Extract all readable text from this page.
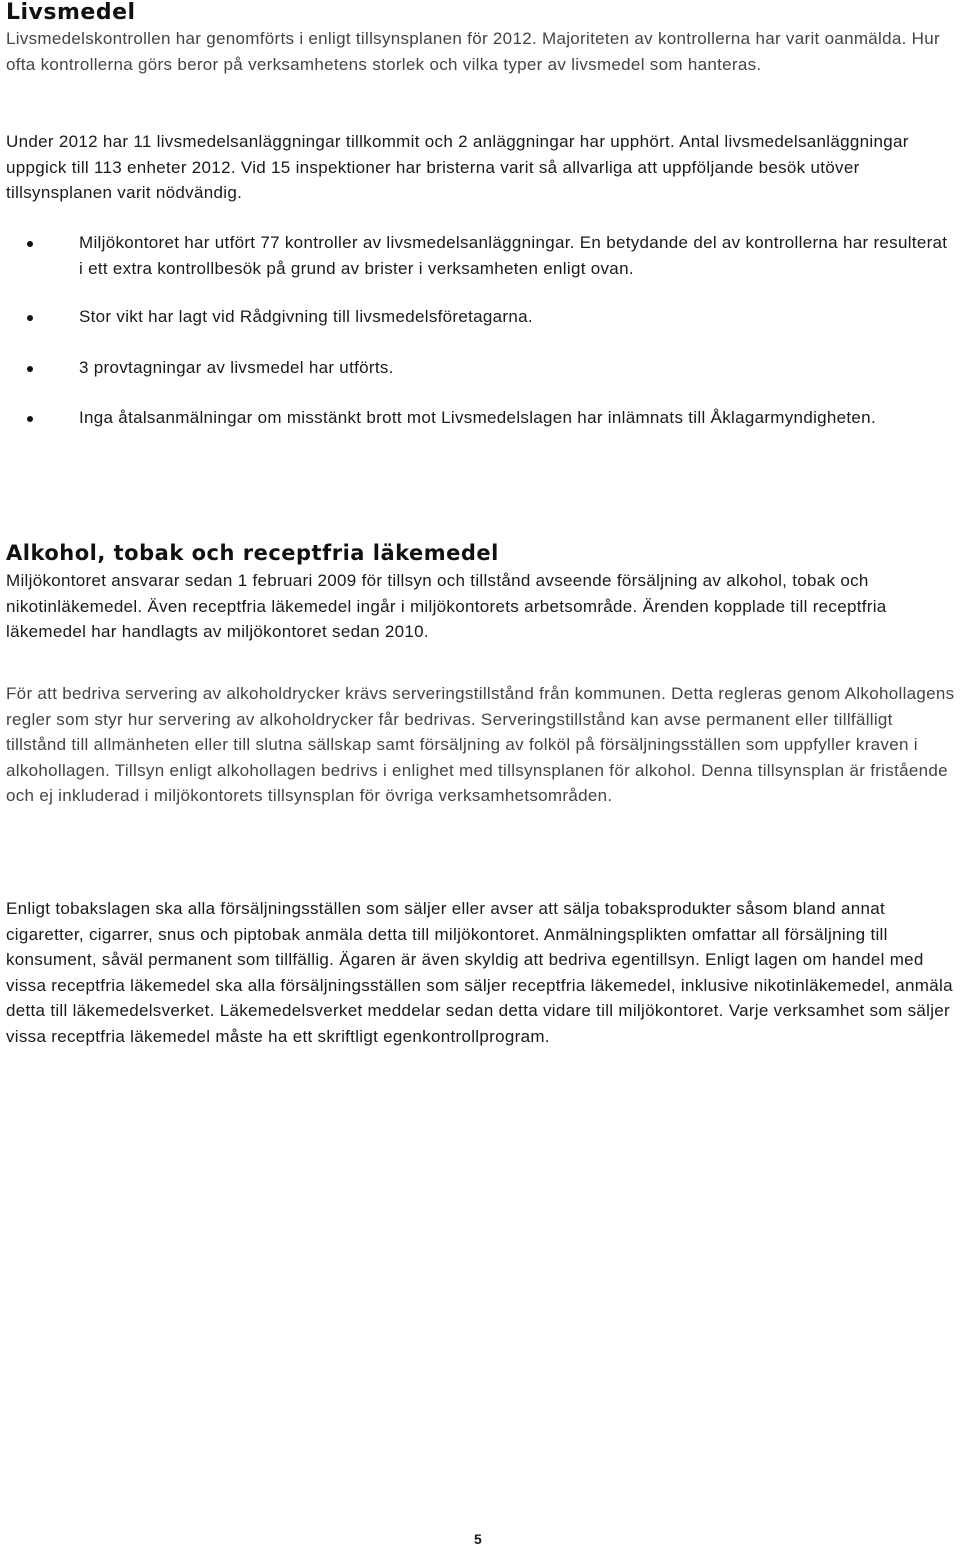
Livsmedel

Livsmedelskontrollen har genomförts i enligt tillsynsplanen för 2012. Majoriteten av kontrollerna har varit oanmälda. Hur ofta kontrollerna görs beror på verksamhetens storlek och vilka typer av livsmedel som hanteras.

Under 2012 har 11 livsmedelsanläggningar tillkommit och 2 anläggningar har upphört. Antal livsmedelsanläggningar uppgick till 113 enheter 2012. Vid 15 inspektioner har bristerna varit så allvarliga att uppföljande besök utöver tillsynsplanen varit nödvändig.

Miljökontoret har utfört 77 kontroller av livsmedelsanläggningar. En betydande del av kontrollerna har resulterat i ett extra kontrollbesök på grund av brister i verksamheten enligt ovan.
Stor vikt har lagt vid Rådgivning till livsmedelsföretagarna.
3 provtagningar av livsmedel har utförts.
Inga åtalsanmälningar om misstänkt brott mot Livsmedelslagen har inlämnats till Åklagarmyndigheten.
Alkohol, tobak och receptfria läkemedel

Miljökontoret ansvarar sedan 1 februari 2009 för tillsyn och tillstånd avseende försäljning av alkohol, tobak och nikotinläkemedel. Även receptfria läkemedel ingår i miljökontorets arbetsområde. Ärenden kopplade till receptfria läkemedel har handlagts av miljökontoret sedan 2010.

För att bedriva servering av alkoholdrycker krävs serveringstillstånd från kommunen. Detta regleras genom Alkohollagens regler som styr hur servering av alkoholdrycker får bedrivas. Serveringstillstånd kan avse permanent eller tillfälligt tillstånd till allmänheten eller till slutna sällskap samt försäljning av folköl på försäljningsställen som uppfyller kraven i alkohollagen. Tillsyn enligt alkohollagen bedrivs i enlighet med tillsynsplanen för alkohol. Denna tillsynsplan är fristående och ej inkluderad i miljökontorets tillsynsplan för övriga verksamhetsområden.

Enligt tobakslagen ska alla försäljningsställen som säljer eller avser att sälja tobaksprodukter såsom bland annat cigaretter, cigarrer, snus och piptobak anmäla detta till miljökontoret. Anmälningsplikten omfattar all försäljning till konsument, såväl permanent som tillfällig. Ägaren är även skyldig att bedriva egentillsyn. Enligt lagen om handel med vissa receptfria läkemedel ska alla försäljningsställen som säljer receptfria läkemedel, inklusive nikotinläkemedel, anmäla detta till läkemedelsverket. Läkemedelsverket meddelar sedan detta vidare till miljökontoret. Varje verksamhet som säljer vissa receptfria läkemedel måste ha ett skriftligt egenkontrollprogram.

5
